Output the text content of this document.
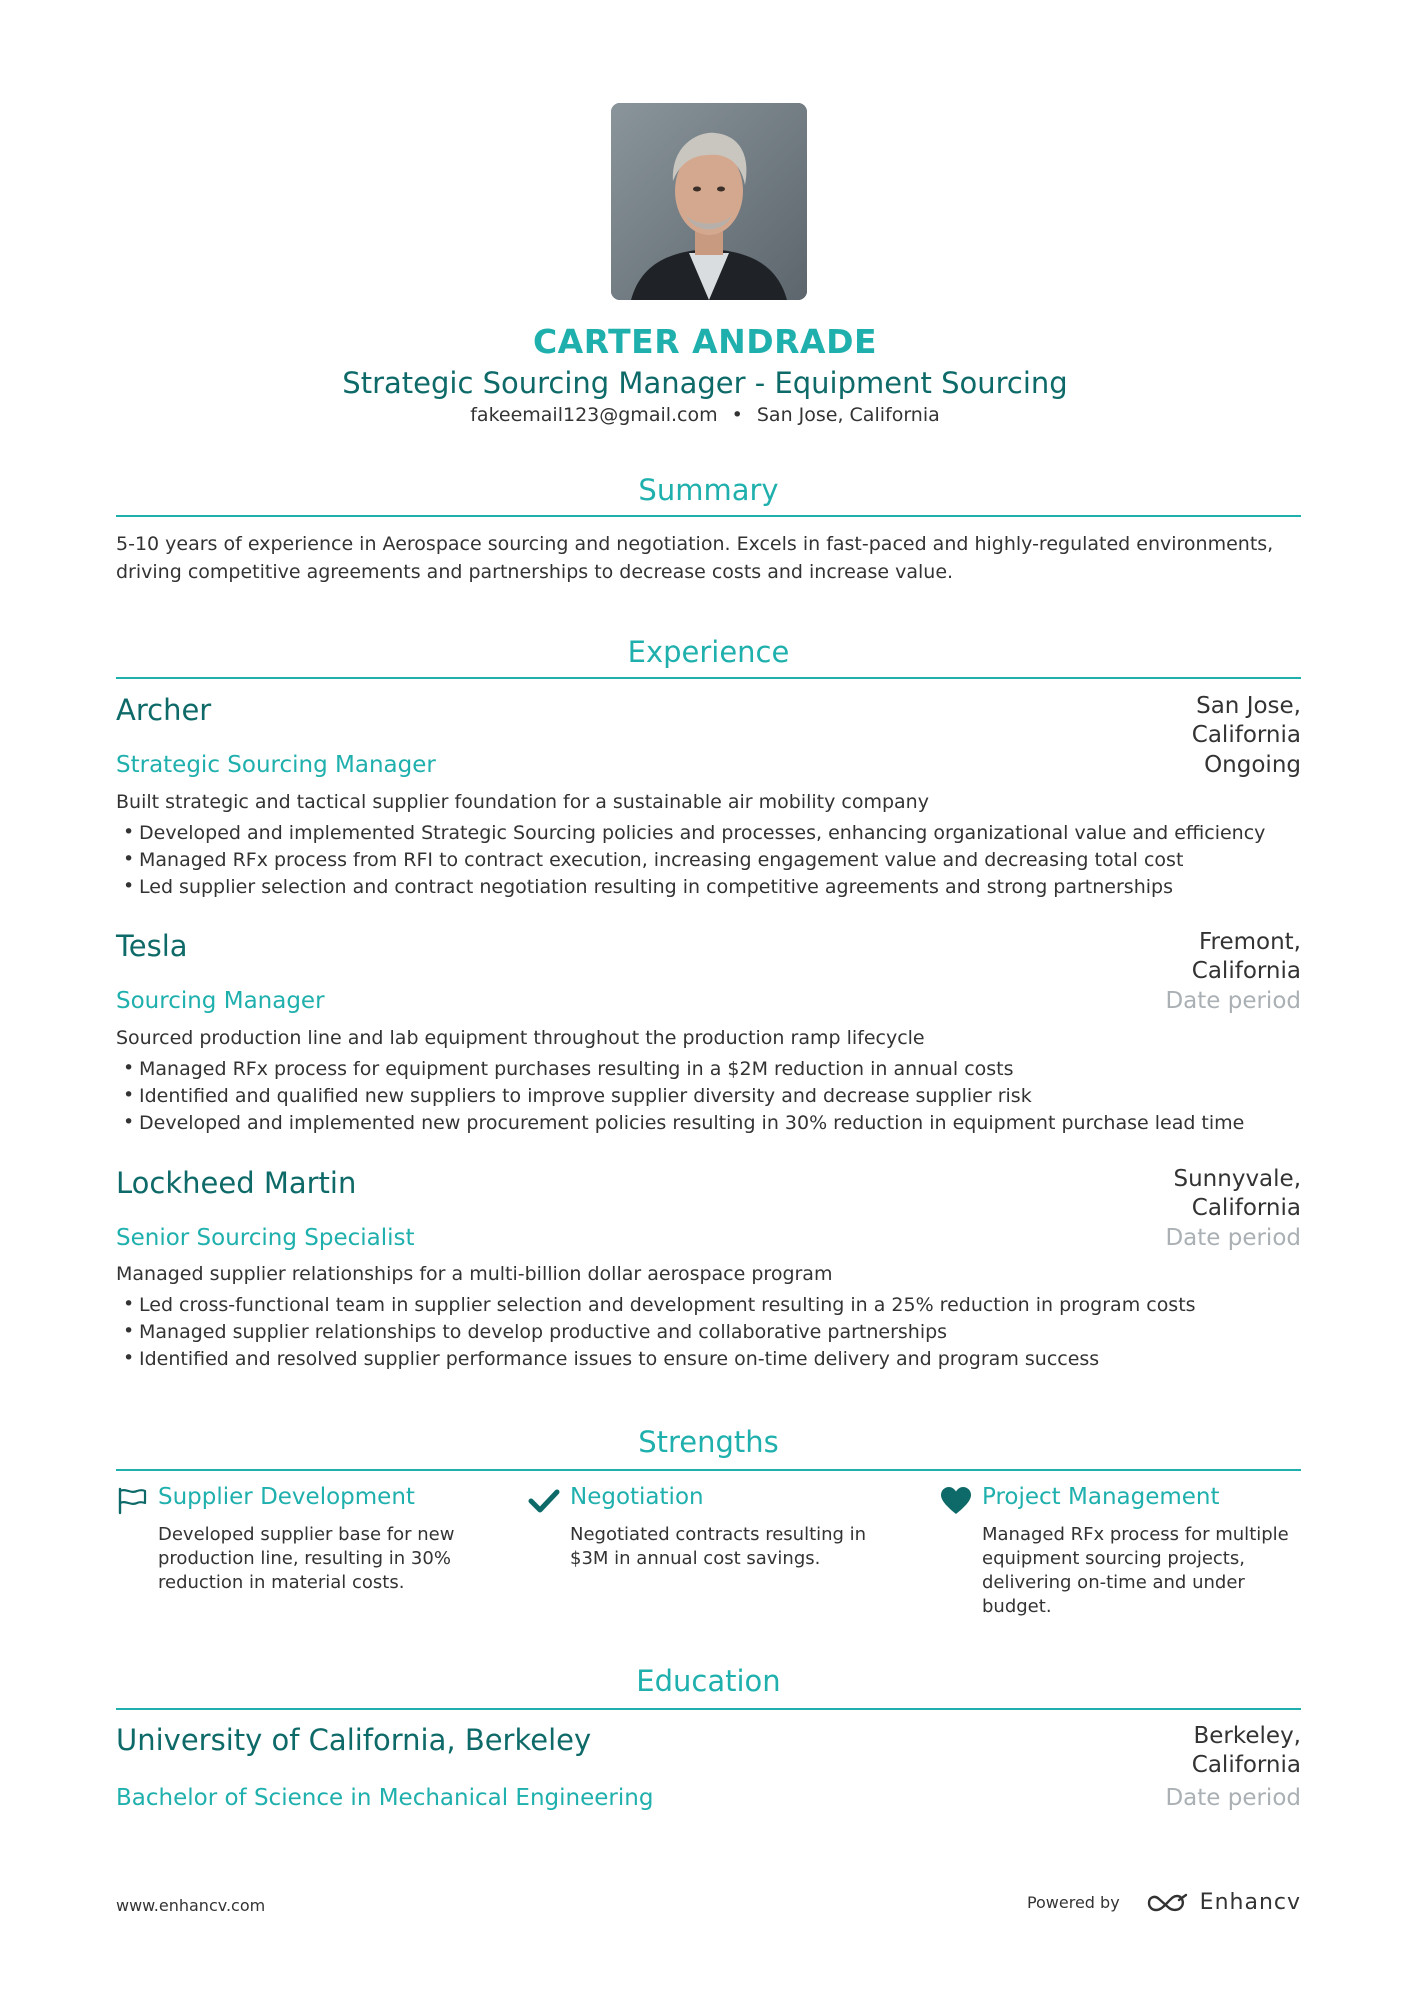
CARTER ANDRADE
Strategic Sourcing Manager - Equipment Sourcing
fakeemail123@gmail.com • San Jose, California
Summary
5-10 years of experience in Aerospace sourcing and negotiation. Excels in fast-paced and highly-regulated environments, driving competitive agreements and partnerships to decrease costs and increase value.
Experience
Archer	San Jose,
California
Strategic Sourcing Manager	Ongoing
Built strategic and tactical supplier foundation for a sustainable air mobility company
• Developed and implemented Strategic Sourcing policies and processes, enhancing organizational value and efficiency
• Managed RFx process from RFI to contract execution, increasing engagement value and decreasing total cost
• Led supplier selection and contract negotiation resulting in competitive agreements and strong partnerships
Tesla	Fremont,
California
Sourcing Manager	Date period
Sourced production line and lab equipment throughout the production ramp lifecycle
• Managed RFx process for equipment purchases resulting in a $2M reduction in annual costs
• Identified and qualified new suppliers to improve supplier diversity and decrease supplier risk
• Developed and implemented new procurement policies resulting in 30% reduction in equipment purchase lead time
Lockheed Martin	Sunnyvale,
California
Senior Sourcing Specialist	Date period
Managed supplier relationships for a multi-billion dollar aerospace program
• Led cross-functional team in supplier selection and development resulting in a 25% reduction in program costs
• Managed supplier relationships to develop productive and collaborative partnerships
• Identified and resolved supplier performance issues to ensure on-time delivery and program success
Strengths
Supplier Development
Developed supplier base for new production line, resulting in 30% reduction in material costs.
Negotiation
Negotiated contracts resulting in $3M in annual cost savings.
Project Management
Managed RFx process for multiple equipment sourcing projects, delivering on-time and under budget.
Education
University of California, Berkeley	Berkeley,
California
Bachelor of Science in Mechanical Engineering	Date period
www.enhancv.com	Powered by	Enhancv
